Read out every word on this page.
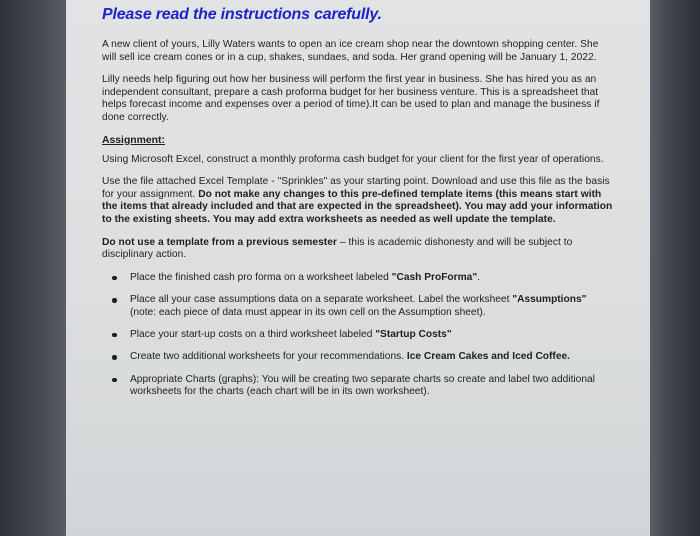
Please read the instructions carefully.

A new client of yours, Lilly Waters wants to open an ice cream shop near the downtown shopping center. She will sell ice cream cones or in a cup, shakes, sundaes, and soda. Her grand opening will be January 1, 2022.

Lilly needs help figuring out how her business will perform the first year in business. She has hired you as an independent consultant, prepare a cash proforma budget for her business venture. This is a spreadsheet that helps forecast income and expenses over a period of time).It can be used to plan and manage the business if done correctly.

Assignment:

Using Microsoft Excel, construct a monthly proforma cash budget for your client for the first year of operations.

Use the file attached Excel Template - "Sprinkles" as your starting point. Download and use this file as the basis for your assignment. Do not make any changes to this pre-defined template items (this means start with the items that already included and that are expected in the spreadsheet). You may add your information to the existing sheets. You may add extra worksheets as needed as well update the template.

Do not use a template from a previous semester – this is academic dishonesty and will be subject to disciplinary action.

Place the finished cash pro forma on a worksheet labeled "Cash ProForma".
Place all your case assumptions data on a separate worksheet. Label the worksheet "Assumptions" (note: each piece of data must appear in its own cell on the Assumption sheet).
Place your start-up costs on a third worksheet labeled "Startup Costs"
Create two additional worksheets for your recommendations. Ice Cream Cakes and Iced Coffee.
Appropriate Charts (graphs): You will be creating two separate charts so create and label two additional worksheets for the charts (each chart will be in its own worksheet).
